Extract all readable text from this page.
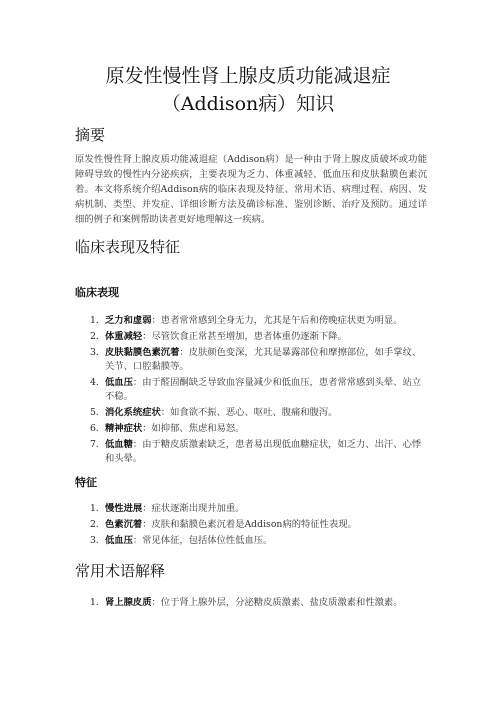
原发性慢性肾上腺皮质功能减退症
（Addison病）知识
摘要
原发性慢性肾上腺皮质功能减退症（Addison病）是一种由于肾上腺皮质破坏或功能障碍导致的慢性内分泌疾病，主要表现为乏力、体重减轻、低血压和皮肤黏膜色素沉着。本文将系统介绍Addison病的临床表现及特征、常用术语、病理过程、病因、发病机制、类型、并发症、详细诊断方法及确诊标准、鉴别诊断、治疗及预防。通过详细的例子和案例帮助读者更好地理解这一疾病。
临床表现及特征
临床表现
1. 乏力和虚弱：患者常常感到全身无力，尤其是午后和傍晚症状更为明显。
2. 体重减轻：尽管饮食正常甚至增加，患者体重仍逐渐下降。
3. 皮肤黏膜色素沉着：皮肤颜色变深，尤其是暴露部位和摩擦部位，如手掌纹、关节、口腔黏膜等。
4. 低血压：由于醛固酮缺乏导致血容量减少和低血压，患者常常感到头晕、站立不稳。
5. 消化系统症状：如食欲不振、恶心、呕吐、腹痛和腹泻。
6. 精神症状：如抑郁、焦虑和易怒。
7. 低血糖：由于糖皮质激素缺乏，患者易出现低血糖症状，如乏力、出汗、心悸和头晕。
特征
1. 慢性进展：症状逐渐出现并加重。
2. 色素沉着：皮肤和黏膜色素沉着是Addison病的特征性表现。
3. 低血压：常见体征，包括体位性低血压。
常用术语解释
1. 肾上腺皮质：位于肾上腺外层，分泌糖皮质激素、盐皮质激素和性激素。
